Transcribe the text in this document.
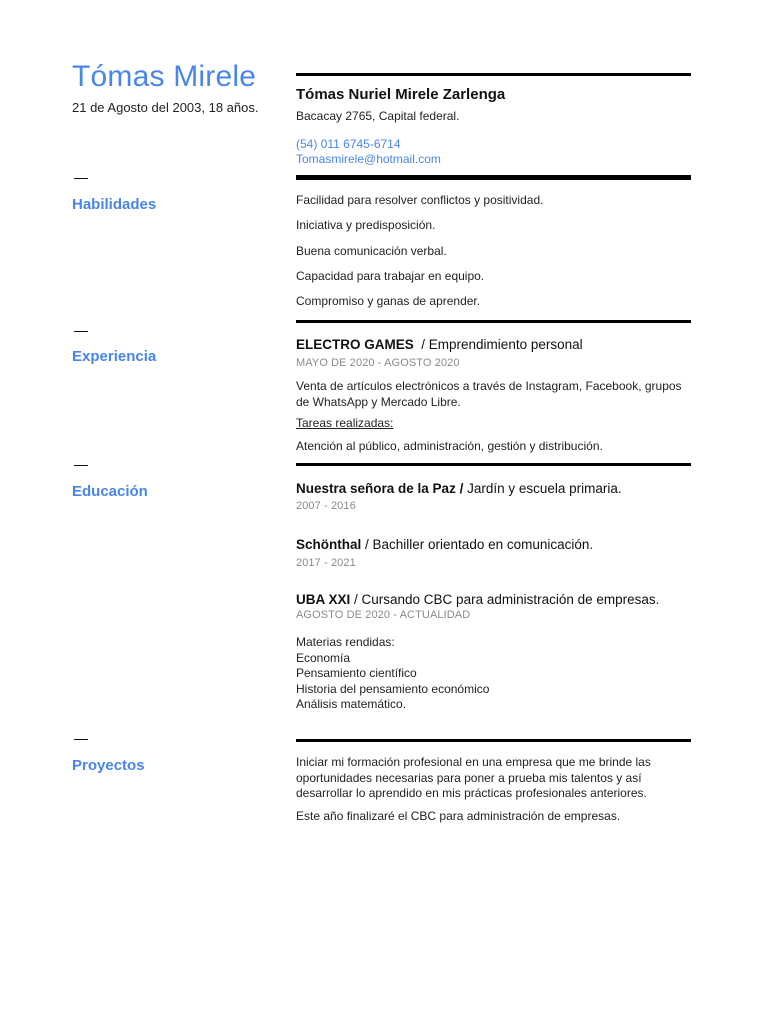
Tómas Mirele
21 de Agosto del 2003, 18 años.
Tómas Nuriel Mirele Zarlenga
Bacacay 2765, Capital federal.
(54) 011 6745-6714
Tomasmirele@hotmail.com
Habilidades	Facilidad para resolver conflictos y positividad.
Iniciativa y predisposición.
Buena comunicación verbal.
Capacidad para trabajar en equipo.
Compromiso y ganas de aprender.
Experiencia
ELECTRO GAMES / Emprendimiento personal
MAYO DE 2020 - AGOSTO 2020
Venta de artículos electrónicos a través de Instagram, Facebook, grupos de WhatsApp y Mercado Libre.
Tareas realizadas:
Atención al público, administración, gestión y distribución.
Educación	Nuestra señora de la Paz / Jardín y escuela primaria.
2007 - 2016
Schönthal / Bachiller orientado en comunicación.
2017 - 2021
UBA XXI / Cursando CBC para administración de empresas.
AGOSTO DE 2020 - ACTUALIDAD
Materias rendidas:
Economía
Pensamiento científico
Historia del pensamiento económico
Análisis matemático.
Proyectos	Iniciar mi formación profesional en una empresa que me brinde las oportunidades necesarias para poner a prueba mis talentos y así desarrollar lo aprendido en mis prácticas profesionales anteriores.
Este año finalizaré el CBC para administración de empresas.
